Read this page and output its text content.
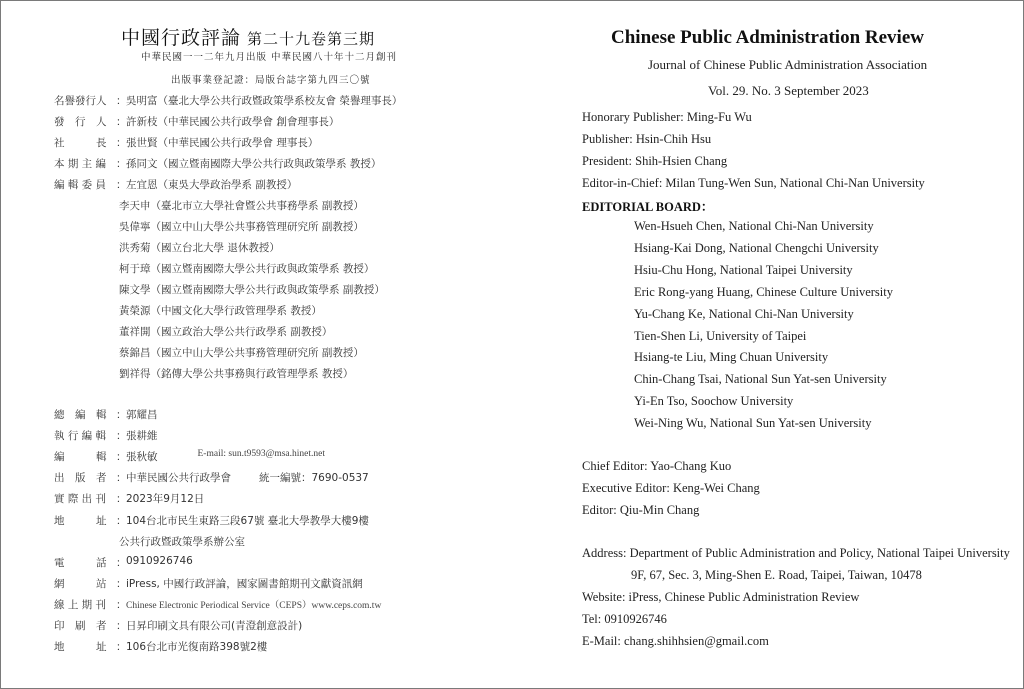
中國行政評論 第二十九卷第三期
中華民國一一二年九月出版 中華民國八十年十二月創刊
出版事業登記證：局版台誌字第九四三〇號
名譽發行人 ： 吳明富（臺北大學公共行政暨政策學系校友會 榮譽理事長）
發　行　人 ： 許新枝（中華民國公共行政學會 創會理事長）
社　　　長 ： 張世賢（中華民國公共行政學會 理事長）
本 期 主 編 ： 孫同文（國立暨南國際大學公共行政與政策學系 教授）
編 輯 委 員 ： 左宜恩（東吳大學政治學系 副教授）
李天申（臺北市立大學社會暨公共事務學系 副教授）
吳偉寧（國立中山大學公共事務管理研究所 副教授）
洪秀菊（國立台北大學 退休教授）
柯于璋（國立暨南國際大學公共行政與政策學系 教授）
陳文學（國立暨南國際大學公共行政與政策學系 副教授）
黃榮源（中國文化大學行政管理學系 教授）
董祥開（國立政治大學公共行政學系 副教授）
蔡錦昌（國立中山大學公共事務管理研究所 副教授）
劉祥得（銘傳大學公共事務與行政管理學系 教授）
總　編　輯 ： 郭耀昌
執 行 編 輯 ： 張耕維
編　　　輯 ： 張秋敏	E-mail: sun.t9593@msa.hinet.net
出　版　者 ： 中華民國公共行政學會	統一編號：7690-0537
實 際 出 刊 ： 2023年9月12日
地　　　址 ： 104台北市民生東路三段67號 臺北大學教學大樓9樓
公共行政暨政策學系辦公室
電　　　話 ： 0910926746
網　　　站 ： iPress, 中國行政評論，國家圖書館期刊文獻資訊網
線 上 期 刊 ： Chinese Electronic Periodical Service（CEPS）www.ceps.com.tw
印　刷　者 ： 日昇印刷文具有限公司(青澄創意設計)
地　　　址 ： 106台北市光復南路398號2樓
Chinese Public Administration Review
Journal of Chinese Public Administration Association
Vol. 29. No. 3 September 2023
Honorary Publisher: Ming-Fu Wu
Publisher: Hsin-Chih Hsu
President: Shih-Hsien Chang
Editor-in-Chief: Milan Tung-Wen Sun, National Chi-Nan University
EDITORIAL BOARD：
Wen-Hsueh Chen, National Chi-Nan University
Hsiang-Kai Dong, National Chengchi University
Hsiu-Chu Hong, National Taipei University
Eric Rong-yang Huang, Chinese Culture University
Yu-Chang Ke, National Chi-Nan University
Tien-Shen Li, University of Taipei
Hsiang-te Liu, Ming Chuan University
Chin-Chang Tsai, National Sun Yat-sen University
Yi-En Tso, Soochow University
Wei-Ning Wu, National Sun Yat-sen University
Chief Editor: Yao-Chang Kuo
Executive Editor: Keng-Wei Chang
Editor: Qiu-Min Chang
Address: Department of Public Administration and Policy, National Taipei University
9F, 67, Sec. 3, Ming-Shen E. Road, Taipei, Taiwan, 10478
Website: iPress, Chinese Public Administration Review
Tel: 0910926746
E-Mail: chang.shihhsien@gmail.com
